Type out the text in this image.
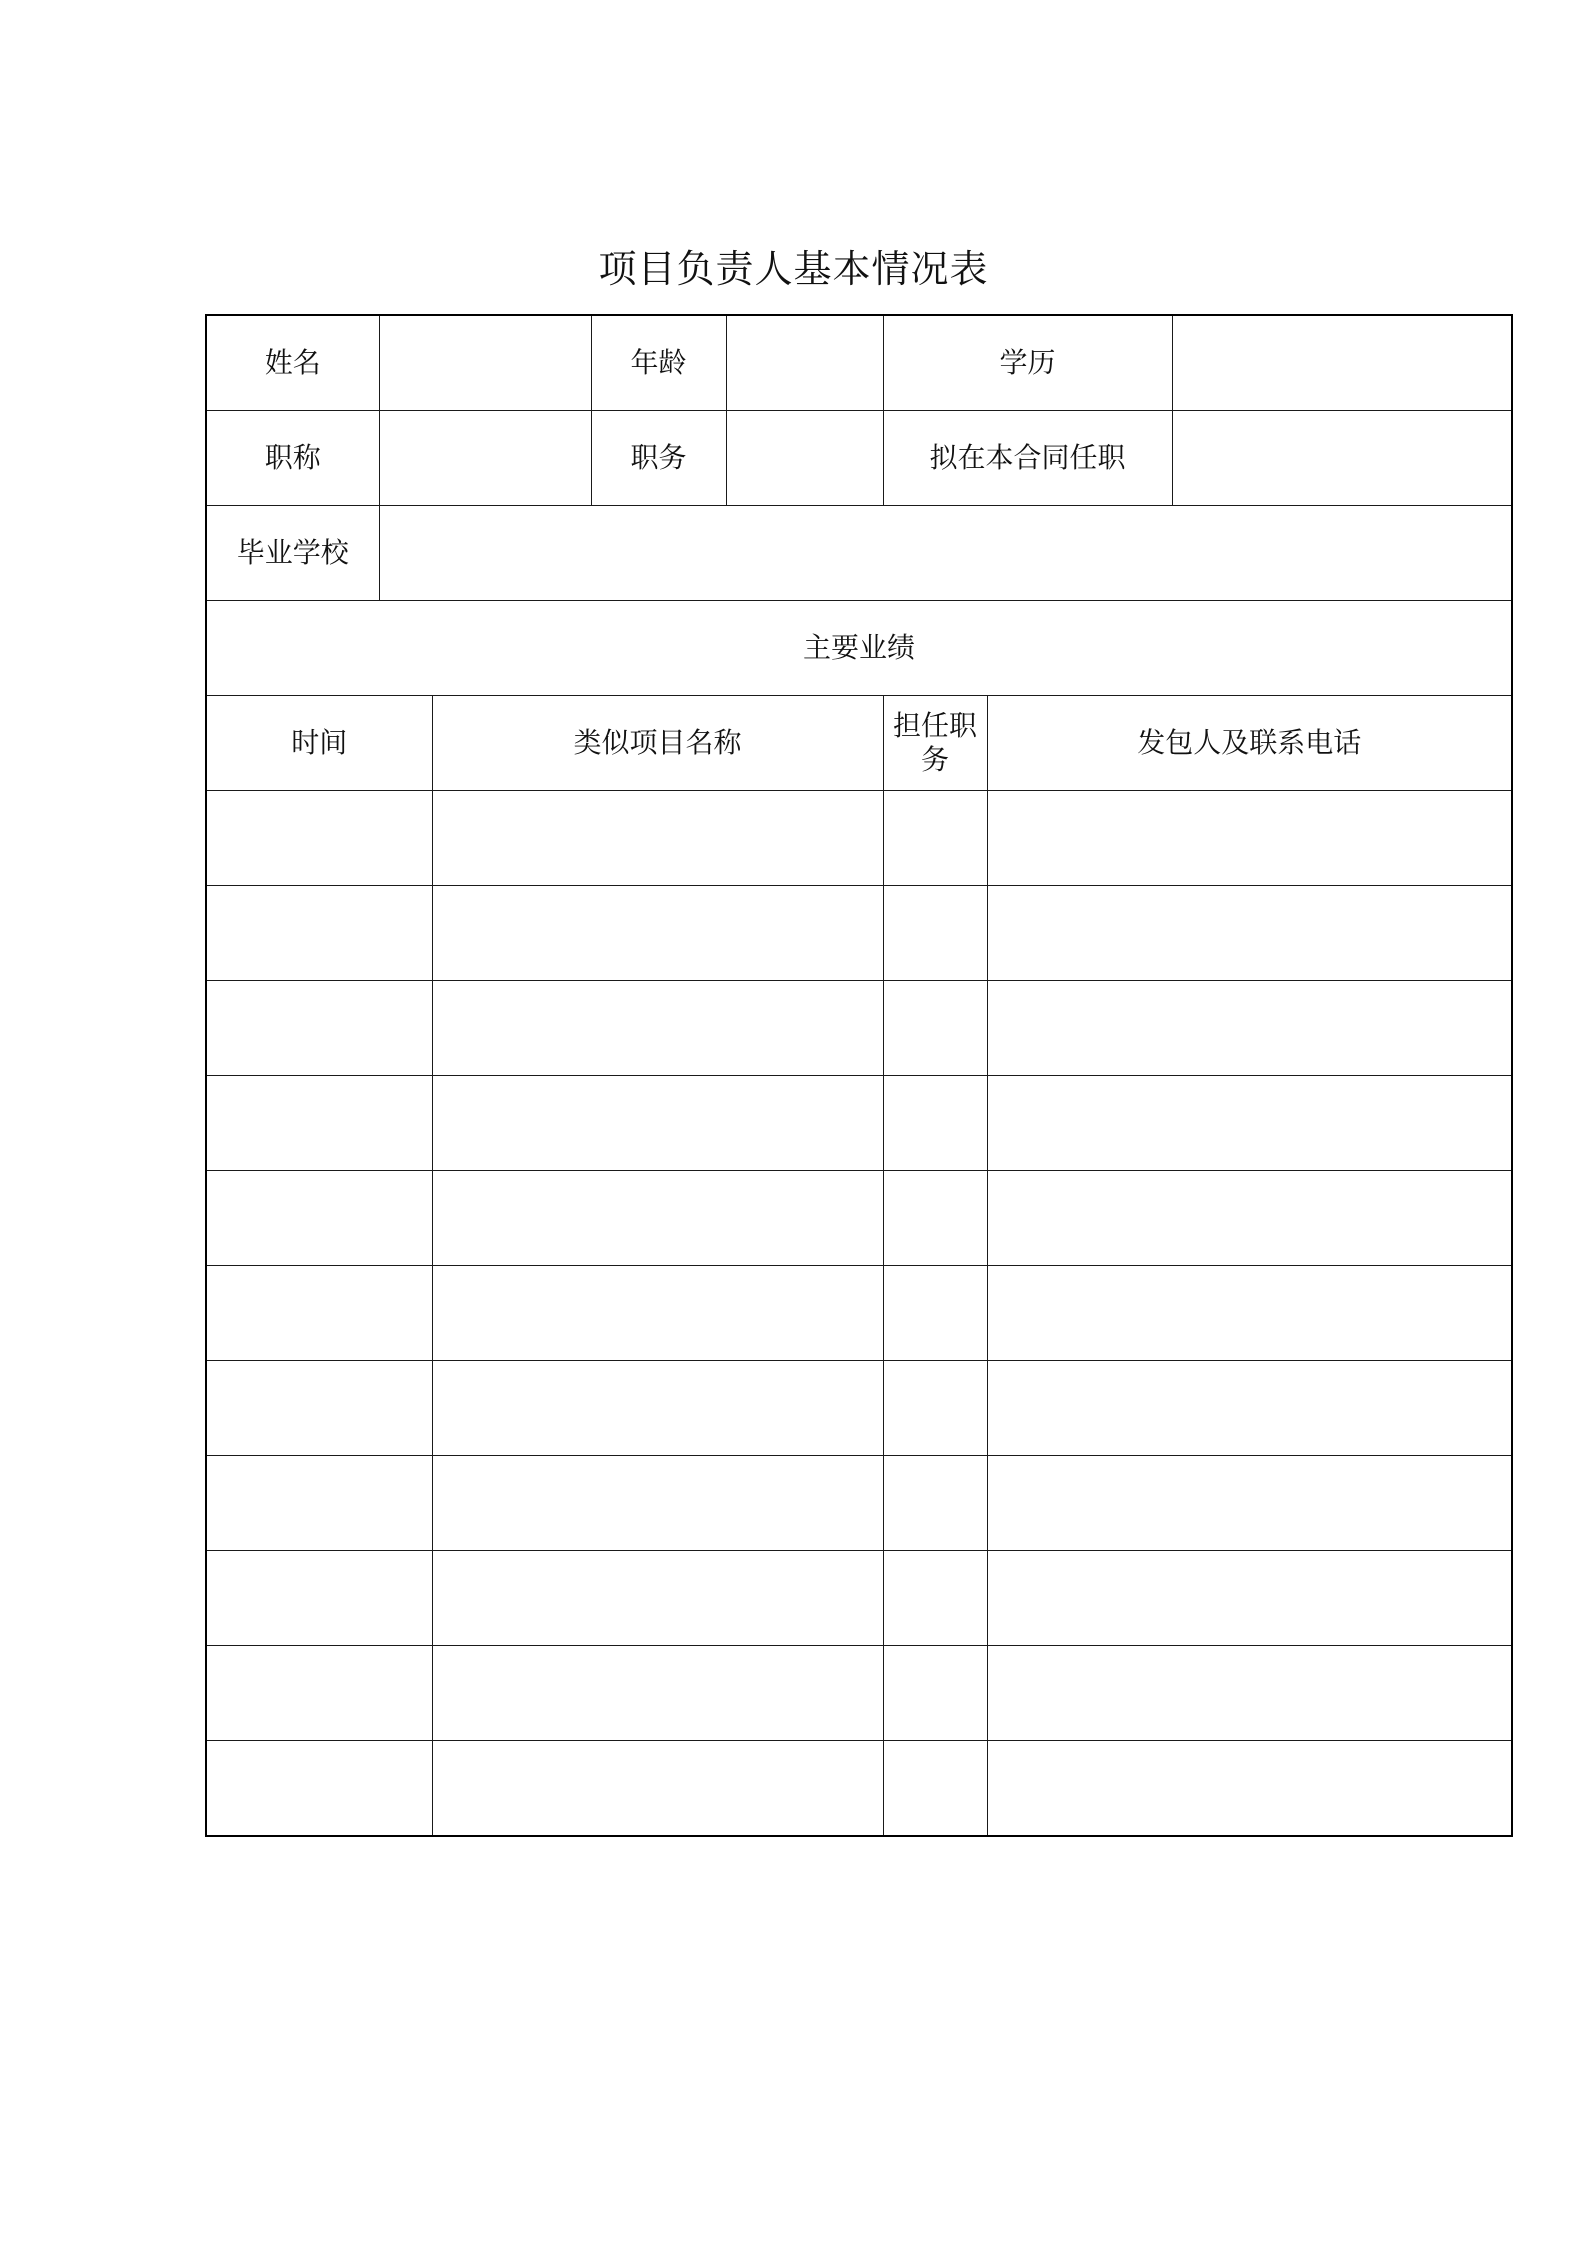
项目负责人基本情况表
姓名			年龄		学历		
职称			职务		拟在本合同任职		
毕业学校							
主要业绩							
时间		类似项目名称			担任职务	发包人及联系电话	
